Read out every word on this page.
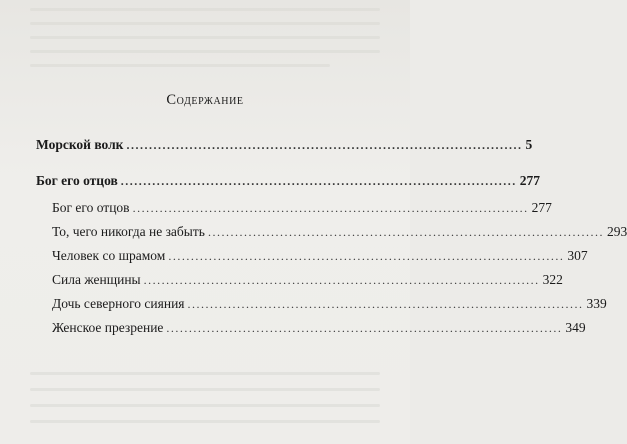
Содержание
Морской волк ........................................................................................ 5
Бог его отцов ........................................................................................ 277
Бог его отцов ........................................................................................ 277
То, чего никогда не забыть ........................................................................................ 293
Человек со шрамом ........................................................................................ 307
Сила женщины ........................................................................................ 322
Дочь северного сияния ........................................................................................ 339
Женское презрение ........................................................................................ 349
